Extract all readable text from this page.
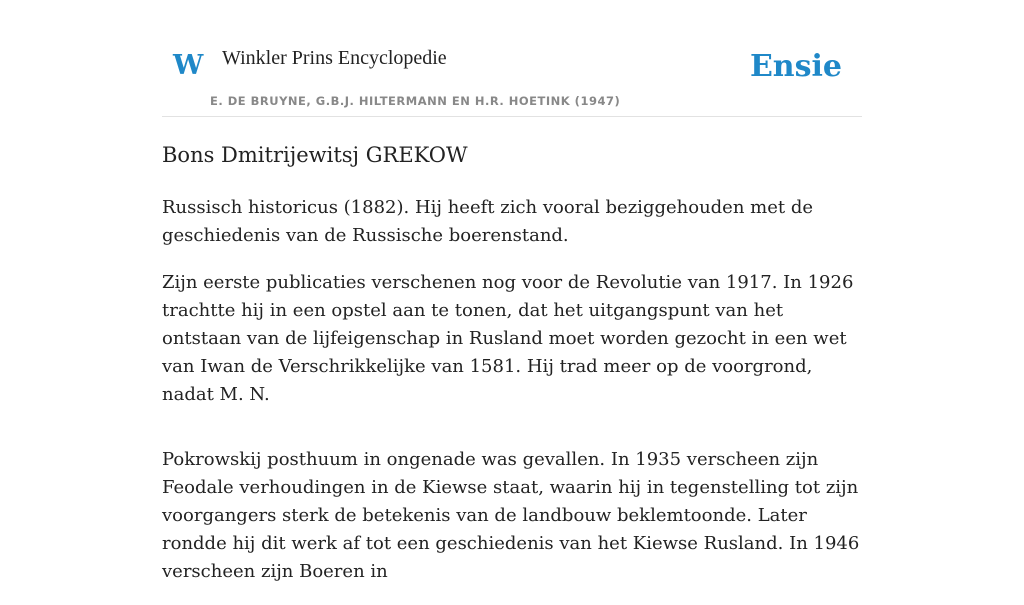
W Winkler Prins Encyclopedie
E. DE BRUYNE, G.B.J. HILTERMANN EN H.R. HOETINK (1947)
Ensie
Bons Dmitrijewitsj GREKOW

Russisch historicus (1882). Hij heeft zich vooral beziggehouden met de geschiedenis van de Russische boerenstand.

Zijn eerste publicaties verschenen nog voor de Revolutie van 1917. In 1926 trachtte hij in een opstel aan te tonen, dat het uitgangspunt van het ontstaan van de lijfeigenschap in Rusland moet worden gezocht in een wet van Iwan de Verschrikkelijke van 1581. Hij trad meer op de voorgrond, nadat M. N.

Pokrowskij posthuum in ongenade was gevallen. In 1935 verscheen zijn Feodale verhoudingen in de Kiewse staat, waarin hij in tegenstelling tot zijn voorgangers sterk de betekenis van de landbouw beklemtoonde. Later rondde hij dit werk af tot een geschiedenis van het Kiewse Rusland. In 1946 verscheen zijn Boeren in
